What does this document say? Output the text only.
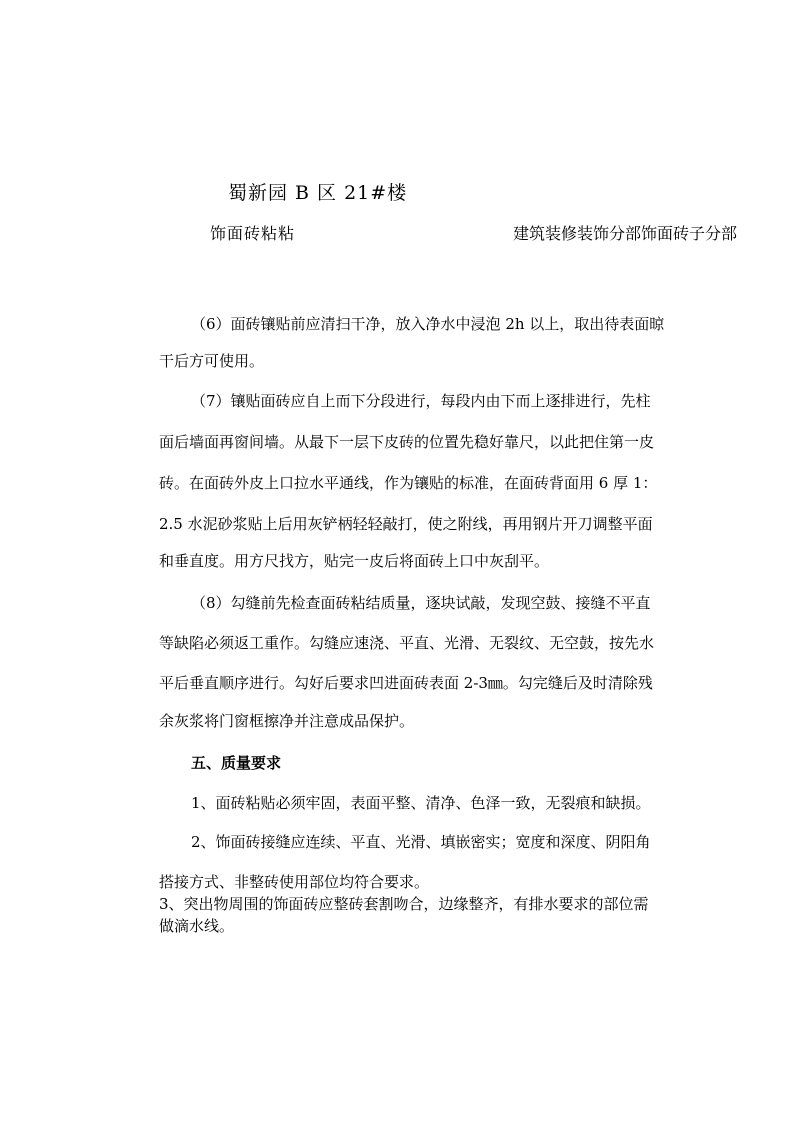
蜀新园 B 区 21#楼
饰面砖粘粘	建筑装修装饰分部饰面砖子分部
（6）面砖镶贴前应清扫干净，放入净水中浸泡 2h 以上，取出待表面晾
干后方可使用。
（7）镶贴面砖应自上而下分段进行，每段内由下而上逐排进行，先柱
面后墙面再窗间墙。从最下一层下皮砖的位置先稳好靠尺，以此把住第一皮
砖。在面砖外皮上口拉水平通线，作为镶贴的标准，在面砖背面用 6 厚 1：
2.5 水泥砂浆贴上后用灰铲柄轻轻敲打，使之附线，再用钢片开刀调整平面
和垂直度。用方尺找方，贴完一皮后将面砖上口中灰刮平。
（8）勾缝前先检查面砖粘结质量，逐块试敲，发现空鼓、接缝不平直
等缺陷必须返工重作。勾缝应速浇、平直、光滑、无裂纹、无空鼓，按先水
平后垂直顺序进行。勾好后要求凹进面砖表面 2-3㎜。勾完缝后及时清除残
余灰浆将门窗框擦净并注意成品保护。
五、质量要求
1、面砖粘贴必须牢固，表面平整、清净、色泽一致，无裂痕和缺损。
2、饰面砖接缝应连续、平直、光滑、填嵌密实；宽度和深度、阴阳角
搭接方式、非整砖使用部位均符合要求。
3、突出物周围的饰面砖应整砖套割吻合，边缘整齐，有排水要求的部位需
做滴水线。
